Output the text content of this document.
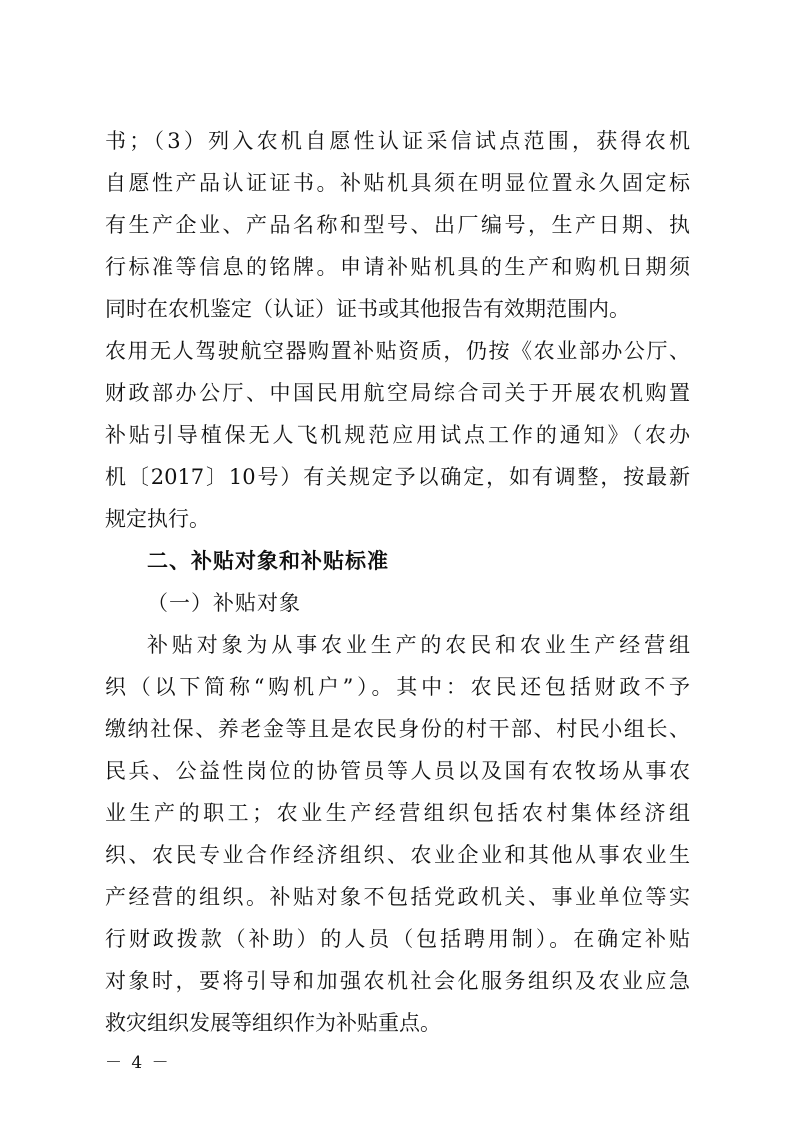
书；（3）列入农机自愿性认证采信试点范围，获得农机
自愿性产品认证证书。补贴机具须在明显位置永久固定标
有生产企业、产品名称和型号、出厂编号，生产日期、执
行标准等信息的铭牌。申请补贴机具的生产和购机日期须
同时在农机鉴定（认证）证书或其他报告有效期范围内。
农用无人驾驶航空器购置补贴资质，仍按《农业部办公厅、
财政部办公厅、中国民用航空局综合司关于开展农机购置
补贴引导植保无人飞机规范应用试点工作的通知》（农办
机〔2017〕10号）有关规定予以确定，如有调整，按最新
规定执行。
二、补贴对象和补贴标准
（一）补贴对象
补贴对象为从事农业生产的农民和农业生产经营组
织（以下简称“购机户”）。其中：农民还包括财政不予
缴纳社保、养老金等且是农民身份的村干部、村民小组长、
民兵、公益性岗位的协管员等人员以及国有农牧场从事农
业生产的职工；农业生产经营组织包括农村集体经济组
织、农民专业合作经济组织、农业企业和其他从事农业生
产经营的组织。补贴对象不包括党政机关、事业单位等实
行财政拨款（补助）的人员（包括聘用制）。在确定补贴
对象时，要将引导和加强农机社会化服务组织及农业应急
救灾组织发展等组织作为补贴重点。
－ 4 －
